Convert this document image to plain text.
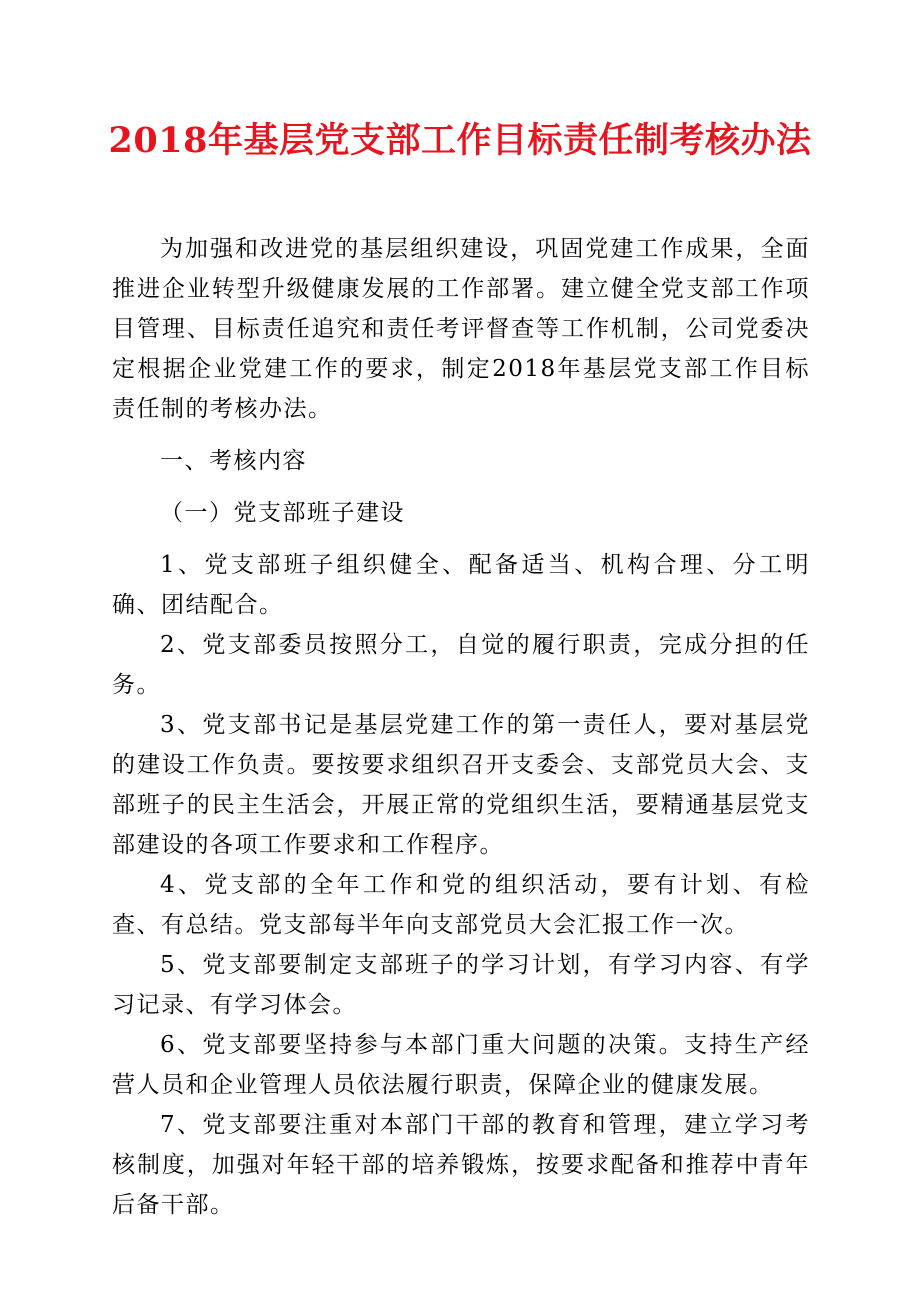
2018年基层党支部工作目标责任制考核办法

为加强和改进党的基层组织建设，巩固党建工作成果，全面推进企业转型升级健康发展的工作部署。建立健全党支部工作项目管理、目标责任追究和责任考评督查等工作机制，公司党委决定根据企业党建工作的要求，制定2018年基层党支部工作目标责任制的考核办法。

一、考核内容

（一）党支部班子建设

1、党支部班子组织健全、配备适当、机构合理、分工明确、团结配合。

2、党支部委员按照分工，自觉的履行职责，完成分担的任务。

3、党支部书记是基层党建工作的第一责任人，要对基层党的建设工作负责。要按要求组织召开支委会、支部党员大会、支部班子的民主生活会，开展正常的党组织生活，要精通基层党支部建设的各项工作要求和工作程序。

4、党支部的全年工作和党的组织活动，要有计划、有检查、有总结。党支部每半年向支部党员大会汇报工作一次。

5、党支部要制定支部班子的学习计划，有学习内容、有学习记录、有学习体会。

6、党支部要坚持参与本部门重大问题的决策。支持生产经营人员和企业管理人员依法履行职责，保障企业的健康发展。

7、党支部要注重对本部门干部的教育和管理，建立学习考核制度，加强对年轻干部的培养锻炼，按要求配备和推荐中青年后备干部。
